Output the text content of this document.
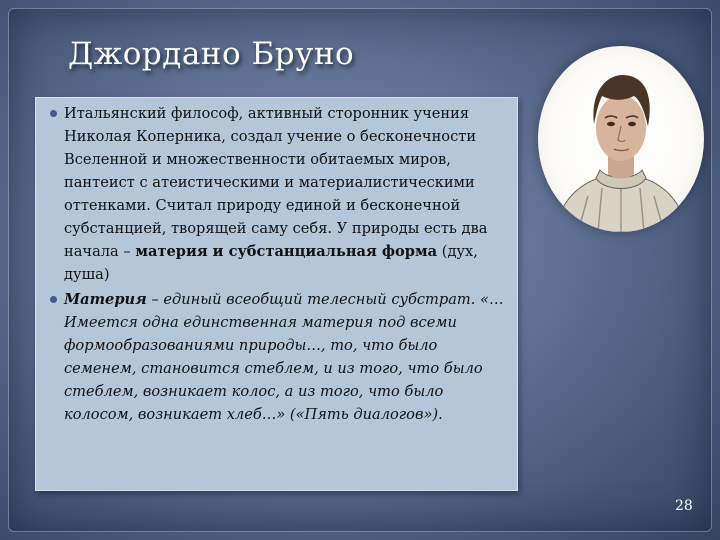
Джордано Бруно
Итальянский философ, активный сторонник учения Николая Коперника, создал учение о бесконечности Вселенной и множественности обитаемых миров, пантеист с атеистическими и материалистическими оттенками. Считал природу единой и бесконечной субстанцией, творящей саму себя. У природы есть два начала – материя и субстанциальная форма (дух, душа)
Материя – единый всеобщий телесный субстрат. «…Имеется одна единственная материя под всеми формообразованиями природы…, то, что было семенем, становится стеблем, и из того, что было стеблем, возникает колос, а из того, что было колосом, возникает хлеб…» («Пять диалогов»).
28
